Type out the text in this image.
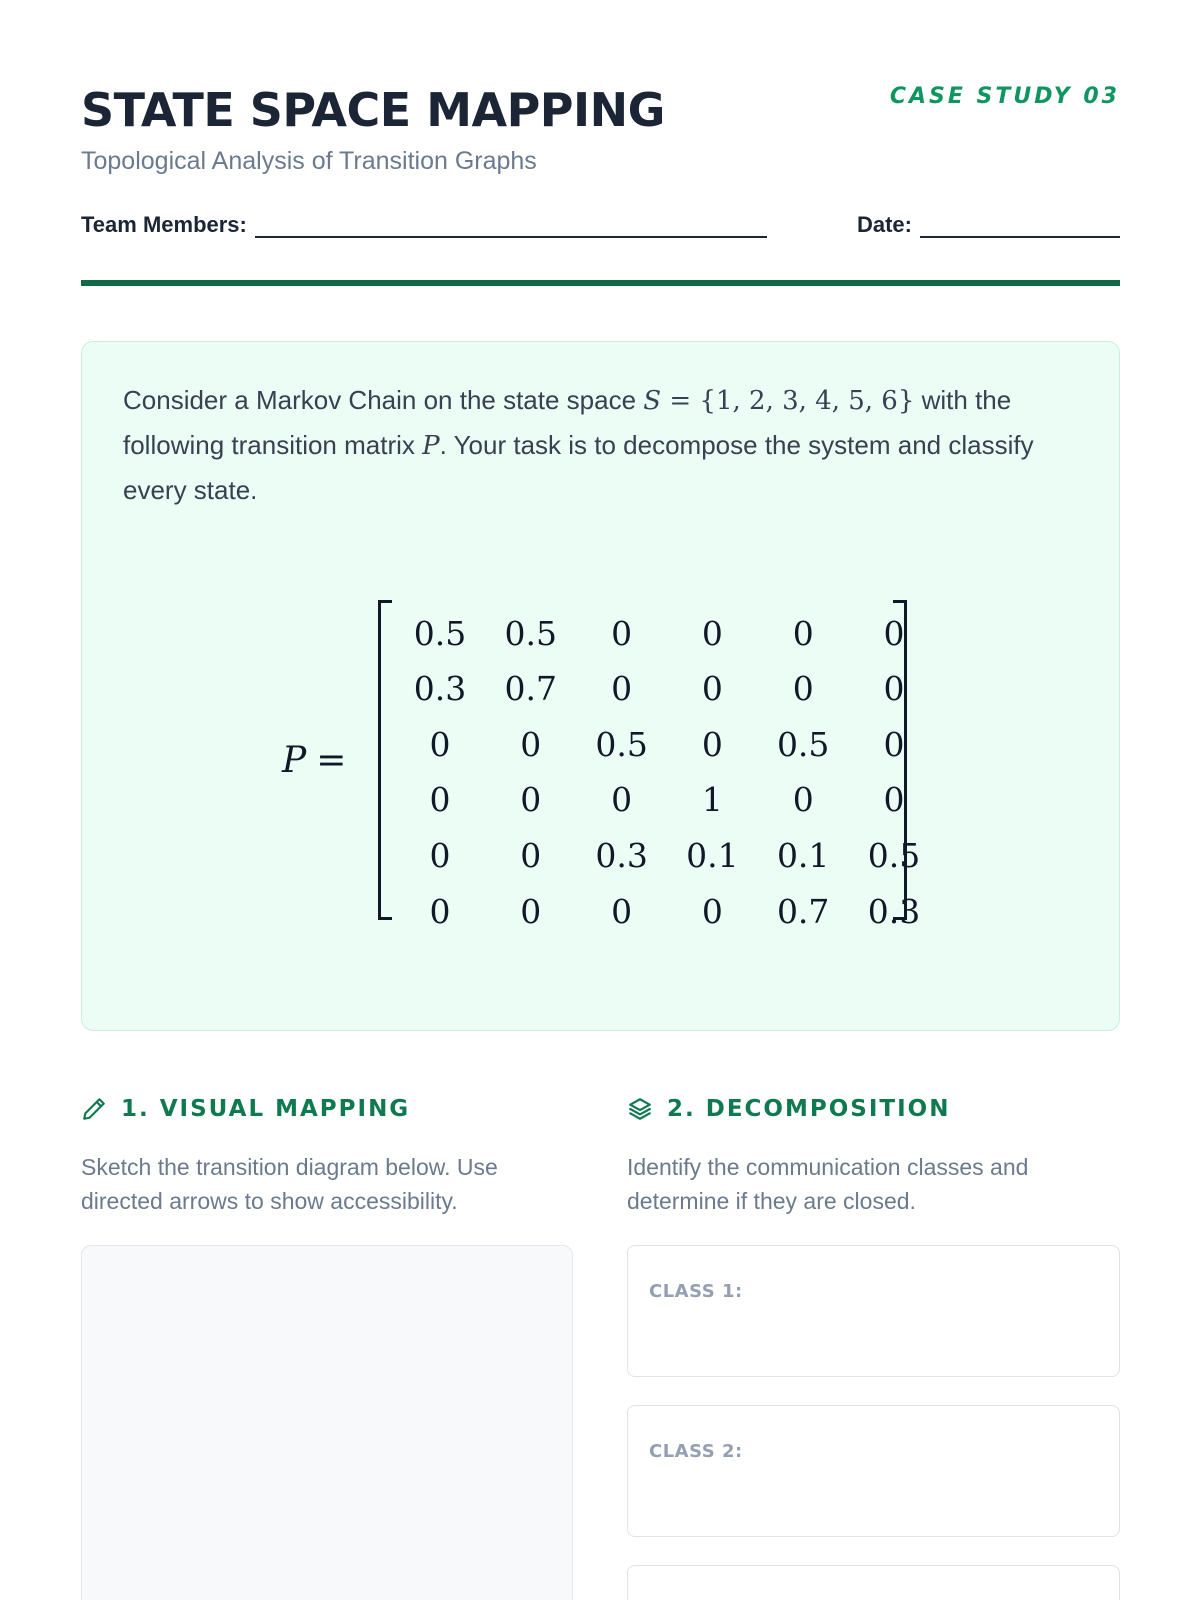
STATE SPACE MAPPING	CASE STUDY 03
Topological Analysis of Transition Graphs
Team Members:	Date:

Consider a Markov Chain on the state space S = {1, 2, 3, 4, 5, 6} with the following transition matrix P. Your task is to decompose the system and classify every state.

P =
0.5	0.5	0	0	0	0
0.3	0.7	0	0	0	0
0	0	0.5	0	0.5	0
0	0	0	1	0	0
0	0	0.3	0.1	0.1	0.5
0	0	0	0	0.7	0.3
1. VISUAL MAPPING	2. DECOMPOSITION

Sketch the transition diagram below. Use directed arrows to show accessibility.

Identify the communication classes and determine if they are closed.

CLASS 1:
CLASS 2:
